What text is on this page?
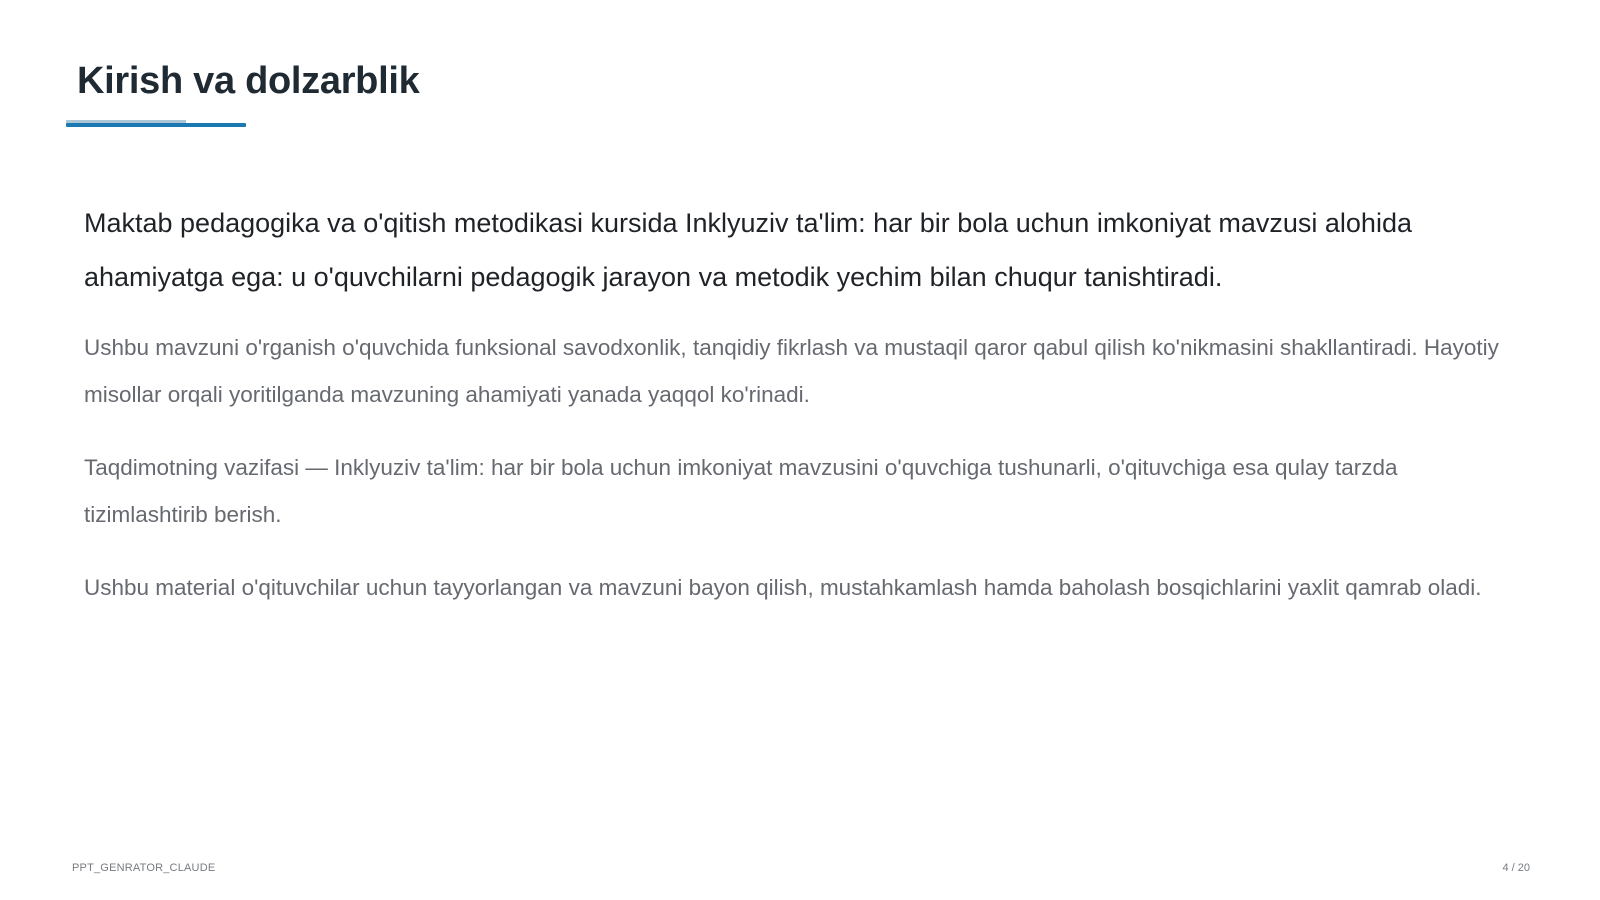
Kirish va dolzarblik

Maktab pedagogika va o'qitish metodikasi kursida Inklyuziv ta'lim: har bir bola uchun imkoniyat mavzusi alohida ahamiyatga ega: u o'quvchilarni pedagogik jarayon va metodik yechim bilan chuqur tanishtiradi.

Ushbu mavzuni o'rganish o'quvchida funksional savodxonlik, tanqidiy fikrlash va mustaqil qaror qabul qilish ko'nikmasini shakllantiradi. Hayotiy misollar orqali yoritilganda mavzuning ahamiyati yanada yaqqol ko'rinadi.

Taqdimotning vazifasi — Inklyuziv ta'lim: har bir bola uchun imkoniyat mavzusini o'quvchiga tushunarli, o'qituvchiga esa qulay tarzda tizimlashtirib berish.

Ushbu material o'qituvchilar uchun tayyorlangan va mavzuni bayon qilish, mustahkamlash hamda baholash bosqichlarini yaxlit qamrab oladi.

PPT_GENRATOR_CLAUDE	4 / 20
